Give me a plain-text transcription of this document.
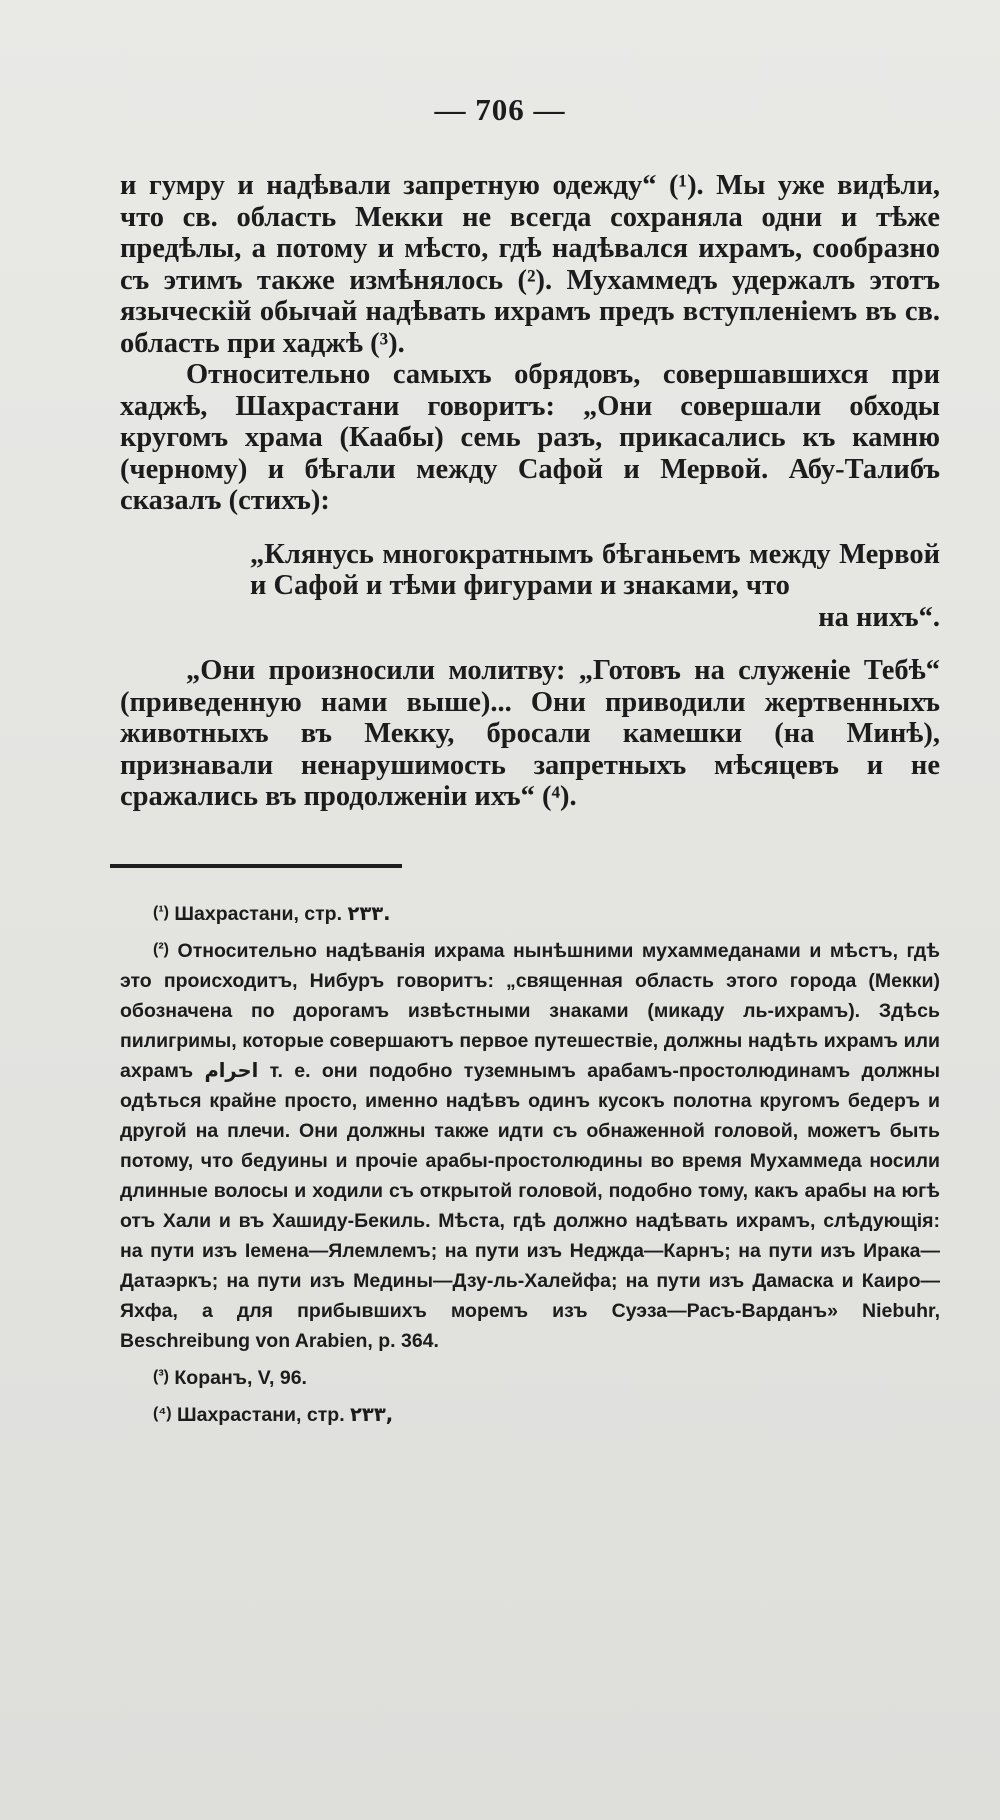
— 706 —

и гумру и надѣвали запретную одежду“ (¹). Мы уже видѣли, что св. область Мекки не всегда сохраняла одни и тѣже предѣлы, а потому и мѣсто, гдѣ надѣвался ихрамъ, сообразно съ этимъ также измѣнялось (²). Мухаммедъ удержалъ этотъ языческій обычай надѣвать ихрамъ предъ вступленіемъ въ св. область при хаджѣ (³).

Относительно самыхъ обрядовъ, совершавшихся при хаджѣ, Шахрастани говоритъ: „Они совершали обходы кругомъ храма (Каабы) семь разъ, прикасались къ камню (черному) и бѣгали между Сафой и Мервой. Абу-Талибъ сказалъ (стихъ):

„Клянусь многократнымъ бѣганьемъ между Мервой и Сафой и тѣми фигурами и знаками, что
на нихъ“.

„Они произносили молитву: „Готовъ на служеніе Тебѣ“ (приведенную нами выше)... Они приводили жертвенныхъ животныхъ въ Мекку, бросали камешки (на Минѣ), признавали ненарушимость запретныхъ мѣсяцевъ и не сражались въ продолженіи ихъ“ (⁴).

(¹) Шахрастани, стр. ۲۳۳.

(²) Относительно надѣванія ихрама нынѣшними мухаммеданами и мѣстъ, гдѣ это происходитъ, Нибуръ говоритъ: „священная область этого города (Мекки) обозначена по дорогамъ извѣстными знаками (микаду ль-ихрамъ). Здѣсь пилигримы, которые совершаютъ первое путешествіе, должны надѣть ихрамъ или ахрамъ احرام т. е. они подобно туземнымъ арабамъ-простолюдинамъ должны одѣться крайне просто, именно надѣвъ одинъ кусокъ полотна кругомъ бедеръ и другой на плечи. Они должны также идти съ обнаженной головой, можетъ быть потому, что бедуины и прочіе арабы-простолюдины во время Мухаммеда носили длинные волосы и ходили съ открытой головой, подобно тому, какъ арабы на югѣ отъ Хали и въ Хашиду-Бекиль. Мѣста, гдѣ должно надѣвать ихрамъ, слѣдующія: на пути изъ Іемена—Ялемлемъ; на пути изъ Неджда—Карнъ; на пути изъ Ирака—Датаэркъ; на пути изъ Медины—Дзу-ль-Халейфа; на пути изъ Дамаска и Каиро—Яхфа, а для прибывшихъ моремъ изъ Суэза—Расъ-Варданъ» Niebuhr, Beschreibung von Arabien, p. 364.

(³) Коранъ, V, 96.

(⁴) Шахрастани, стр. ۲۳۳,
